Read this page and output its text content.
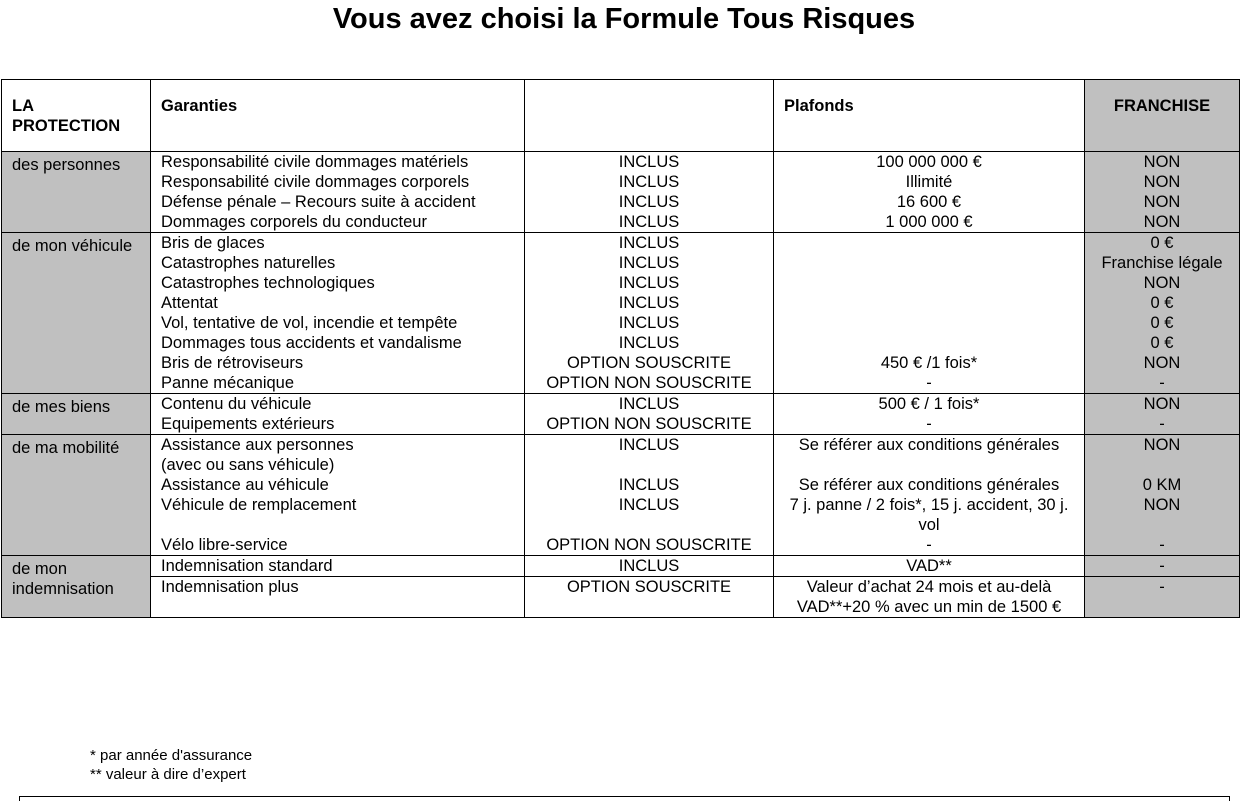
Vous avez choisi la Formule Tous Risques
LA PROTECTION	Garanties		Plafonds	FRANCHISE
des personnes	Responsabilité civile dommages matériels	INCLUS	100 000 000 €	NON
	Responsabilité civile dommages corporels	INCLUS	Illimité	NON
	Défense pénale – Recours suite à accident	INCLUS	16 600 €	NON
	Dommages corporels du conducteur	INCLUS	1 000 000 €	NON
de mon véhicule	Bris de glaces	INCLUS		0 €
	Catastrophes naturelles	INCLUS		Franchise légale
	Catastrophes technologiques	INCLUS		NON
	Attentat	INCLUS		0 €
	Vol, tentative de vol, incendie et tempête	INCLUS		0 €
	Dommages tous accidents et vandalisme	INCLUS		0 €
	Bris de rétroviseurs	OPTION SOUSCRITE	450 € /1 fois*	NON
	Panne mécanique	OPTION NON SOUSCRITE	-	-
de mes biens	Contenu du véhicule	INCLUS	500 € / 1 fois*	NON
	Equipements extérieurs	OPTION NON SOUSCRITE	-	-
de ma mobilité	Assistance aux personnes
(avec ou sans véhicule)	INCLUS	Se référer aux conditions générales	NON
	Assistance au véhicule	INCLUS	Se référer aux conditions générales	0 KM
	Véhicule de remplacement	INCLUS	7 j. panne / 2 fois*, 15 j. accident, 30 j. vol	NON
	Vélo libre-service	OPTION NON SOUSCRITE	-	-
de mon indemnisation	Indemnisation standard	INCLUS	VAD**	-
	Indemnisation plus	OPTION SOUSCRITE	Valeur d’achat 24 mois et au-delà VAD**+20 % avec un min de 1500 €	-
* par année d'assurance
** valeur à dire d’expert
